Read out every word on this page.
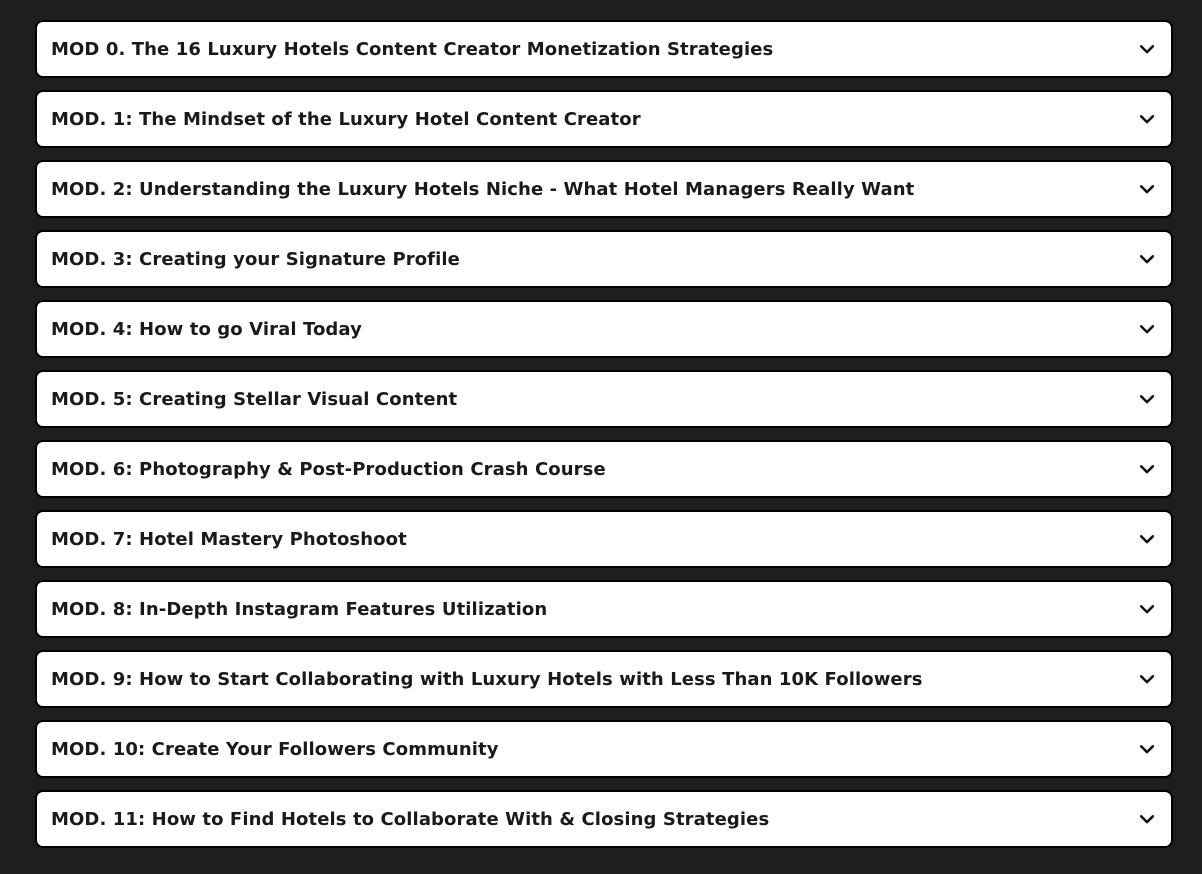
MOD 0. The 16 Luxury Hotels Content Creator Monetization Strategies
MOD. 1: The Mindset of the Luxury Hotel Content Creator
MOD. 2: Understanding the Luxury Hotels Niche - What Hotel Managers Really Want
MOD. 3: Creating your Signature Profile
MOD. 4: How to go Viral Today
MOD. 5: Creating Stellar Visual Content
MOD. 6: Photography & Post-Production Crash Course
MOD. 7: Hotel Mastery Photoshoot
MOD. 8: In-Depth Instagram Features Utilization
MOD. 9: How to Start Collaborating with Luxury Hotels with Less Than 10K Followers
MOD. 10: Create Your Followers Community
MOD. 11: How to Find Hotels to Collaborate With & Closing Strategies
